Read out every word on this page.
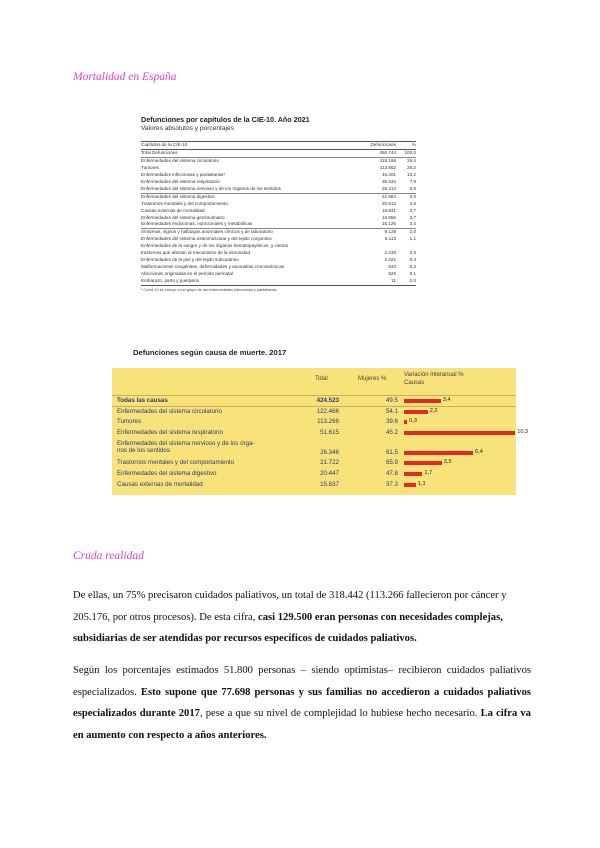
Mortalidad en España
Defunciones por capítulos de la CIE-10. Año 2021
Valores absolutos y porcentajes
Capítulos de la CIE-10	Defunciones	%
Total Defunciones	450.744	100,0
Enfermedades del sistema circulatorio	119.196	26,4
Tumores	113.662	25,2
Enfermedades infecciosas y parasitarias¹	46.201	10,2
Enfermedades del sistema respiratorio	35.534	7,9
Enfermedades del sistema nervioso y de los órganos de los sentidos	25.214	5,6
Enfermedades del sistema digestivo	22.583	5,0
Trastornos mentales y del comportamiento	20.513	4,6
Causas externas de mortalidad	16.831	3,7
Enfermedades del sistema genitourinario	16.656	3,7
Enfermedades endocrinas, nutricionales y metabólicas	15.126	3,4
Síntomas, signos y hallazgos anormales clínicos y de laboratorio	9.129	2,0
Enfermedades del sistema osteomuscular y del tejido conjuntivo	5.113	1,1
Enfermedades de la sangre y de los órganos hematopoyéticos, y ciertos		
trastornos que afectan al mecanismo de la inmunidad	2.235	0,5
Enfermedades de la piel y del tejido subcutáneo	2.021	0,4
Malformaciones congénitas, deformidades y anomalías cromosómicas	533	0,2
Afecciones originadas en el período perinatal	525	0,1
Embarazo, parto y puerperio	11	0,0
¹ Covid-19 se incluye en el grupo de las enfermedades infecciosas y parasitarias
Defunciones según causa de muerte. 2017
Total	Mujeres %
Variación interanual %
Causas
Todas las causas	424.523	49.5	3,4
Enfermedades del sistema circulatorio	122.466	54.1	2,2
Tumores	113.266	39.6 0,3
Enfermedades del sistema respiratorio	51.615	45.2	10,3
Enfermedades del sistema nervioso y de los órga-
nos de los sentidos	26.346	61.5	6,4
Trastornos mentales y del comportamiento	21.722	65.9	3,5
Enfermedades del sistema digestivo	20.447	47.8	1,7
Causas externas de mortalidad	15.837	37.3	1,1
Cruda realidad
De ellas, un 75% precisaron cuidados paliativos, un total de 318.442 (113.266 fallecieron por cáncer y 205.176, por otros procesos). De esta cifra, casi 129.500 eran personas con necesidades complejas, subsidiarias de ser atendidas por recursos específicos de cuidados paliativos.
Según los porcentajes estimados 51.800 personas – siendo optimistas– recibieron cuidados paliativos especializados. Esto supone que 77.698 personas y sus familias no accedieron a cuidados paliativos especializados durante 2017, pese a que su nivel de complejidad lo hubiese hecho necesario. La cifra va en aumento con respecto a años anteriores.
